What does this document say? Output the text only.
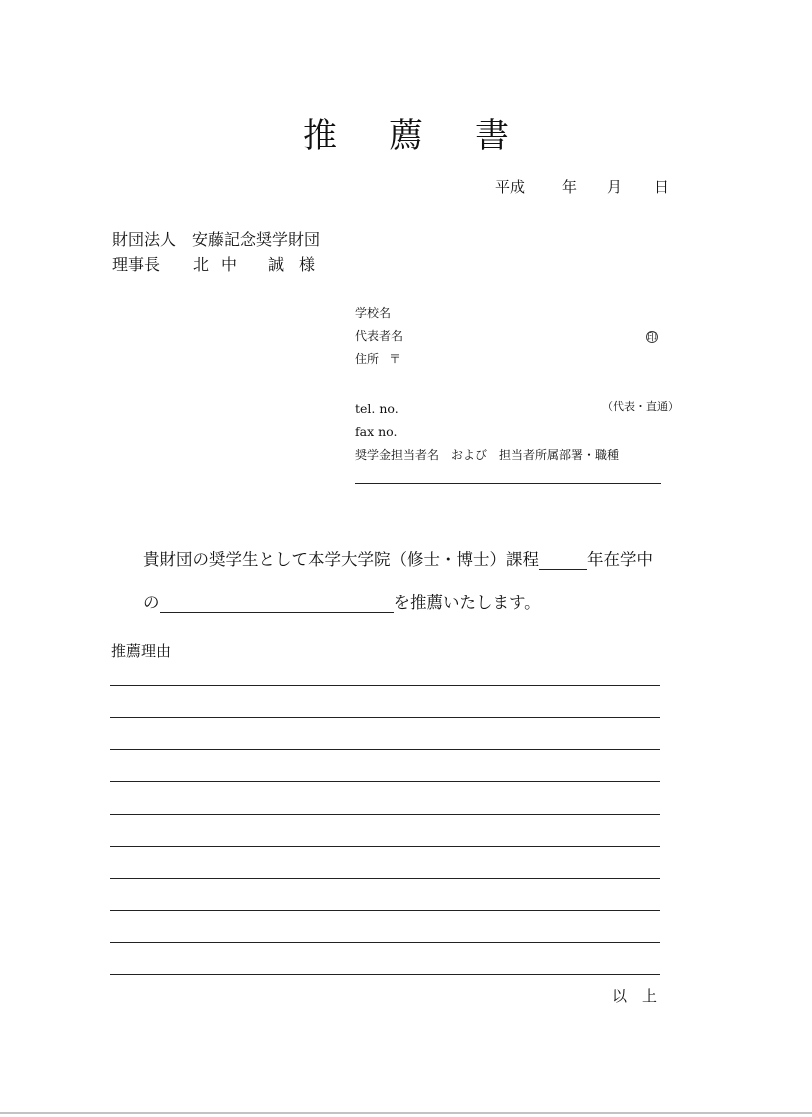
推 薦 書
平成 年 月 日
財団法人 安藤記念奨学財団
理事長 北 中 誠 様
学校名
代表者名	印
住所 〒
tel. no.	（代表・直通）
fax no.
奨学金担当者名　および　担当者所属部署・職種
貴財団の奨学生として本学大学院（修士・博士）課程	年在学中
の	を推薦いたします。
推薦理由
以　上
